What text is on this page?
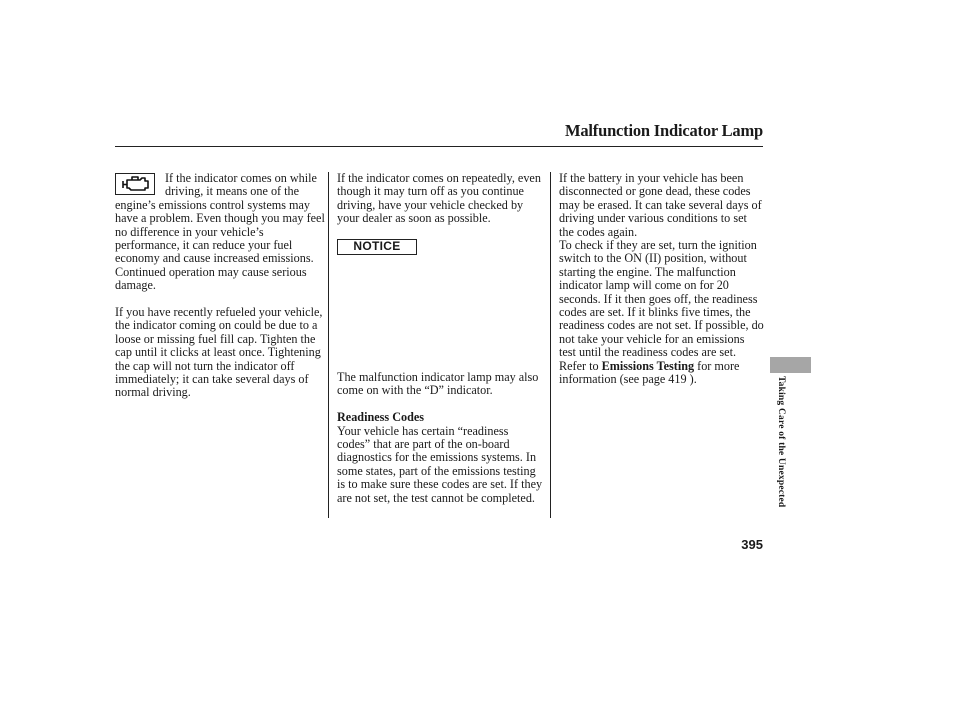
Malfunction Indicator Lamp

If the indicator comes on while driving, it means one of the engine’s emissions control systems may have a problem. Even though you may feel no difference in your vehicle’s performance, it can reduce your fuel economy and cause increased emissions. Continued operation may cause serious damage.

If you have recently refueled your vehicle, the indicator coming on could be due to a loose or missing fuel fill cap. Tighten the cap until it clicks at least once. Tightening the cap will not turn the indicator off immediately; it can take several days of normal driving.

If the indicator comes on repeatedly, even though it may turn off as you continue driving, have your vehicle checked by your dealer as soon as possible.

NOTICE

The malfunction indicator lamp may also come on with the “D” indicator.

Readiness Codes

Your vehicle has certain “readiness codes” that are part of the on-board diagnostics for the emissions systems. In some states, part of the emissions testing is to make sure these codes are set. If they are not set, the test cannot be completed.

If the battery in your vehicle has been disconnected or gone dead, these codes may be erased. It can take several days of driving under various conditions to set the codes again.

To check if they are set, turn the ignition switch to the ON (II) position, without starting the engine. The malfunction indicator lamp will come on for 20 seconds. If it then goes off, the readiness codes are set. If it blinks five times, the readiness codes are not set. If possible, do not take your vehicle for an emissions test until the readiness codes are set. Refer to Emissions Testing for more information (see page 419 ).	Taking Care of the Unexpected
395
